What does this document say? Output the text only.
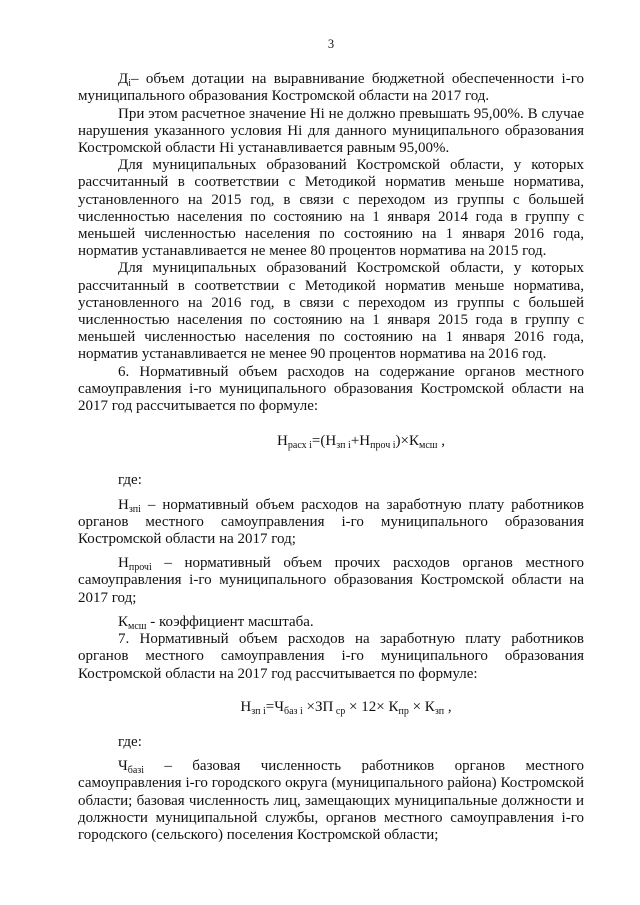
3

$Д_i-$ объем дотации на выравнивание бюджетной обеспеченности i-го муниципального образования Костромской области на 2017 год.

При этом расчетное значение Hi не должно превышать 95,00%. В случае нарушения указанного условия Hi для данного муниципального образования Костромской области Hi устанавливается равным 95,00%.

Для муниципальных образований Костромской области, у которых рассчитанный в соответствии с Методикой норматив меньше норматива, установленного на 2015 год, в связи с переходом из группы с большей численностью населения по состоянию на 1 января 2014 года в группу с меньшей численностью населения по состоянию на 1 января 2016 года, норматив устанавливается не менее 80 процентов норматива на 2015 год.

Для муниципальных образований Костромской области, у которых рассчитанный в соответствии с Методикой норматив меньше норматива, установленного на 2016 год, в связи с переходом из группы с большей численностью населения по состоянию на 1 января 2015 года в группу с меньшей численностью населения по состоянию на 1 января 2016 года, норматив устанавливается не менее 90 процентов норматива на 2016 год.

6. Нормативный объем расходов на содержание органов местного самоуправления i-го муниципального образования Костромской области на 2017 год рассчитывается по формуле:

$Н_{расх i}=(Н_{зп i}+Н_{проч i})\times К_{мсш}$ ,

где:

$Н_{зпi}$ – нормативный объем расходов на заработную плату работников органов местного самоуправления i-го муниципального образования Костромской области на 2017 год;

$Н_{прочi}$ – нормативный объем прочих расходов органов местного самоуправления i-го муниципального образования Костромской области на 2017 год;

$К_{мсш}$ - коэффициент масштаба.

7. Нормативный объем расходов на заработную плату работников органов местного самоуправления i-го муниципального образования Костромской области на 2017 год рассчитывается по формуле:

$Н_{зп i}=Ч_{баз i} \times ЗП$ $_{ср} \times 12\times К_{пр} \times К_{зп}$ ,

где:

$Ч_{базi}$ – базовая численность работников органов местного самоуправления i-го городского округа (муниципального района) Костромской области; базовая численность лиц, замещающих муниципальные должности и должности муниципальной службы, органов местного самоуправления i-го городского (сельского) поселения Костромской области;
